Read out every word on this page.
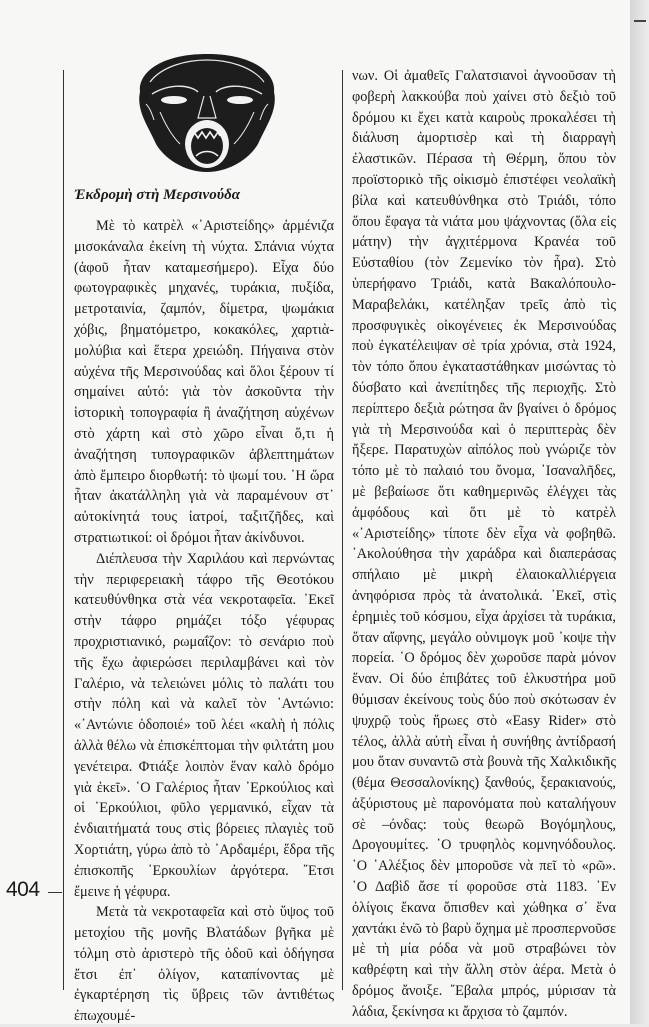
Ἐκδρομὴ στὴ Μερσινούδα

Μὲ τὸ κατρὲλ «᾿Αριστείδης» ἀρμένιζα μισοκάναλα ἐκείνη τὴ νύχτα. Σπάνια νύχτα (ἀφοῦ ἦταν καταμεσήμερο). Εἶχα δύο φωτογραφικὲς μηχανές, τυράκια, πυξίδα, μετροταινία, ζαμπόν, δίμετρα, ψωμάκια χόβις, βηματόμετρο, κοκακόλες, χαρτιὰ-μολύβια καὶ ἕτερα χρειώδη. Πήγαινα στὸν αὐχένα τῆς Μερσινούδας καὶ ὅλοι ξέρουν τί σημαίνει αὐτό: γιὰ τὸν ἀσκοῦντα τὴν ἱστορικὴ τοπογραφία ἢ ἀναζήτηση αὐχένων στὸ χάρτη καὶ στὸ χῶρο εἶναι ὅ,τι ἡ ἀναζήτηση τυπογραφικῶν ἀβλεπτημάτων ἀπὸ ἔμπειρο διορθωτή: τὸ ψωμί του. ῾Η ὥρα ἦταν ἀκατάλληλη γιὰ νὰ παραμένουν στ᾿ αὐτοκίνητά τους ἰατροί, ταξιτζῆδες, καὶ στρατιωτικοί: οἱ δρόμοι ἦταν ἀκίνδυνοι.

Διέπλευσα τὴν Χαριλάου καὶ περνώντας τὴν περιφερειακὴ τάφρο τῆς Θεοτόκου κατευθύνθηκα στὰ νέα νεκροταφεῖα. ᾿Εκεῖ στὴν τάφρο ρημάζει τόξο γέφυρας προχριστιανικό, ρωμαΐζον: τὸ σενάριο ποὺ τῆς ἔχω ἀφιερώσει περιλαμβάνει καὶ τὸν Γαλέριο, νὰ τελειώνει μόλις τὸ παλάτι του στὴν πόλη καὶ νὰ καλεῖ τὸν ᾿Αντώνιο: «᾿Αντώνιε ὁδοποιέ» τοῦ λέει «καλὴ ἡ πόλις ἀλλὰ θέλω νὰ ἐπισκέπτομαι τὴν φιλτάτη μου γενέτειρα. Φτιάξε λοιπὸν ἕναν καλὸ δρόμο γιὰ ἐκεῖ». ῾Ο Γαλέριος ἦταν ᾿Ερκούλιος καὶ οἱ ᾿Ερκούλιοι, φῦλο γερμανικό, εἶχαν τὰ ἐνδιαιτήματά τους στὶς βόρειες πλαγιὲς τοῦ Χορτιάτη, γύρω ἀπὸ τὸ ᾿Αρδαμέρι, ἕδρα τῆς ἐπισκοπῆς ᾿Ερκουλίων ἀργότερα. ῎Ετσι ἔμεινε ἡ γέφυρα.

Μετὰ τὰ νεκροταφεῖα καὶ στὸ ὕψος τοῦ μετοχίου τῆς μονῆς Βλατάδων βγῆκα μὲ τόλμη στὸ ἀριστερὸ τῆς ὁδοῦ καὶ ὁδήγησα ἔτσι ἐπ᾿ ὀλίγον, καταπίνοντας μὲ ἐγκαρτέρηση τὶς ὕβρεις τῶν ἀντιθέτως ἐπωχουμέ-

νων. Οἱ ἀμαθεῖς Γαλατσιανοὶ ἀγνοοῦσαν τὴ φοβερὴ λακκούβα ποὺ χαίνει στὸ δεξιὸ τοῦ δρόμου κι ἔχει κατὰ καιροὺς προκαλέσει τὴ διάλυση ἀμορτισὲρ καὶ τὴ διαρραγὴ ἐλαστικῶν. Πέρασα τὴ Θέρμη, ὅπου τὸν προϊστορικὸ τῆς οἰκισμὸ ἐπιστέφει νεολαϊκὴ βίλα καὶ κατευθύνθηκα στὸ Τριάδι, τόπο ὅπου ἔφαγα τὰ νιάτα μου ψάχνοντας (ὅλα εἰς μάτην) τὴν ἀγχιτέρμονα Κρανέα τοῦ Εὐσταθίου (τὸν Ζεμενίκο τὸν ἦρα). Στὸ ὑπερήφανο Τριάδι, κατὰ Βακαλόπουλο-Μαραβελάκι, κατέληξαν τρεῖς ἀπὸ τὶς προσφυγικὲς οἰκογένειες ἐκ Μερσινούδας ποὺ ἐγκατέλειψαν σὲ τρία χρόνια, στὰ 1924, τὸν τόπο ὅπου ἐγκαταστάθηκαν μισώντας τὸ δύσβατο καὶ ἀνεπίτηδες τῆς περιοχῆς. Στὸ περίπτερο δεξιὰ ρώτησα ἂν βγαίνει ὁ δρόμος γιὰ τὴ Μερσινούδα καὶ ὁ περιπτερὰς δὲν ἤξερε. Παρατυχὼν αἰπόλος ποὺ γνώριζε τὸν τόπο μὲ τὸ παλαιό του ὄνομα, ᾿Ισαναλῆδες, μὲ βεβαίωσε ὅτι καθημερινῶς ἐλέγχει τὰς ἀμφόδους καὶ ὅτι μὲ τὸ κατρὲλ «᾿Αριστείδης» τίποτε δὲν εἶχα νὰ φοβηθῶ. ᾿Ακολούθησα τὴν χαράδρα καὶ διαπεράσας σπήλαιο μὲ μικρὴ ἐλαιοκαλλιέργεια ἀνηφόρισα πρὸς τὰ ἀνατολικά. ᾿Εκεῖ, στὶς ἐρημιὲς τοῦ κόσμου, εἶχα ἀρχίσει τὰ τυράκια, ὅταν αἴφνης, μεγάλο οὐνιμογκ μοῦ ᾿κοψε τὴν πορεία. ῾Ο δρόμος δὲν χωροῦσε παρὰ μόνον ἕναν. Οἱ δύο ἐπιβάτες τοῦ ἑλκυστήρα μοῦ θύμισαν ἐκείνους τοὺς δύο ποὺ σκότωσαν ἐν ψυχρῷ τοὺς ἥρωες στὸ «Easy Rider» στὸ τέλος, ἀλλὰ αὐτὴ εἶναι ἡ συνήθης ἀντίδρασή μου ὅταν συναντῶ στὰ βουνὰ τῆς Χαλκιδικῆς (θέμα Θεσσαλονίκης) ξανθούς, ξερακιανούς, ἀξύριστους μὲ παρονόματα ποὺ καταλήγουν σὲ –όνδας: τοὺς θεωρῶ Βογόμηλους, Δρογουμίτες. ῾Ο τρυφηλὸς κομνηνόδουλος. ῾Ο ᾿Αλέξιος δὲν μποροῦσε νὰ πεῖ τὸ «ρῶ». ῾Ο Δαβὶδ ἄσε τί φοροῦσε στὰ 1183. ᾿Εν ὀλίγοις ἔκανα ὄπισθεν καὶ χώθηκα σ᾿ ἕνα χαντάκι ἐνῶ τὸ βαρὺ ὄχημα μὲ προσπερνοῦσε μὲ τὴ μία ρόδα νὰ μοῦ στραβώνει τὸν καθρέφτη καὶ τὴν ἄλλη στὸν ἀέρα. Μετὰ ὁ δρόμος ἄνοιξε. ῎Εβαλα μπρός, μύρισαν τὰ λάδια, ξεκίνησα κι ἄρχισα τὸ ζαμπόν.

404
